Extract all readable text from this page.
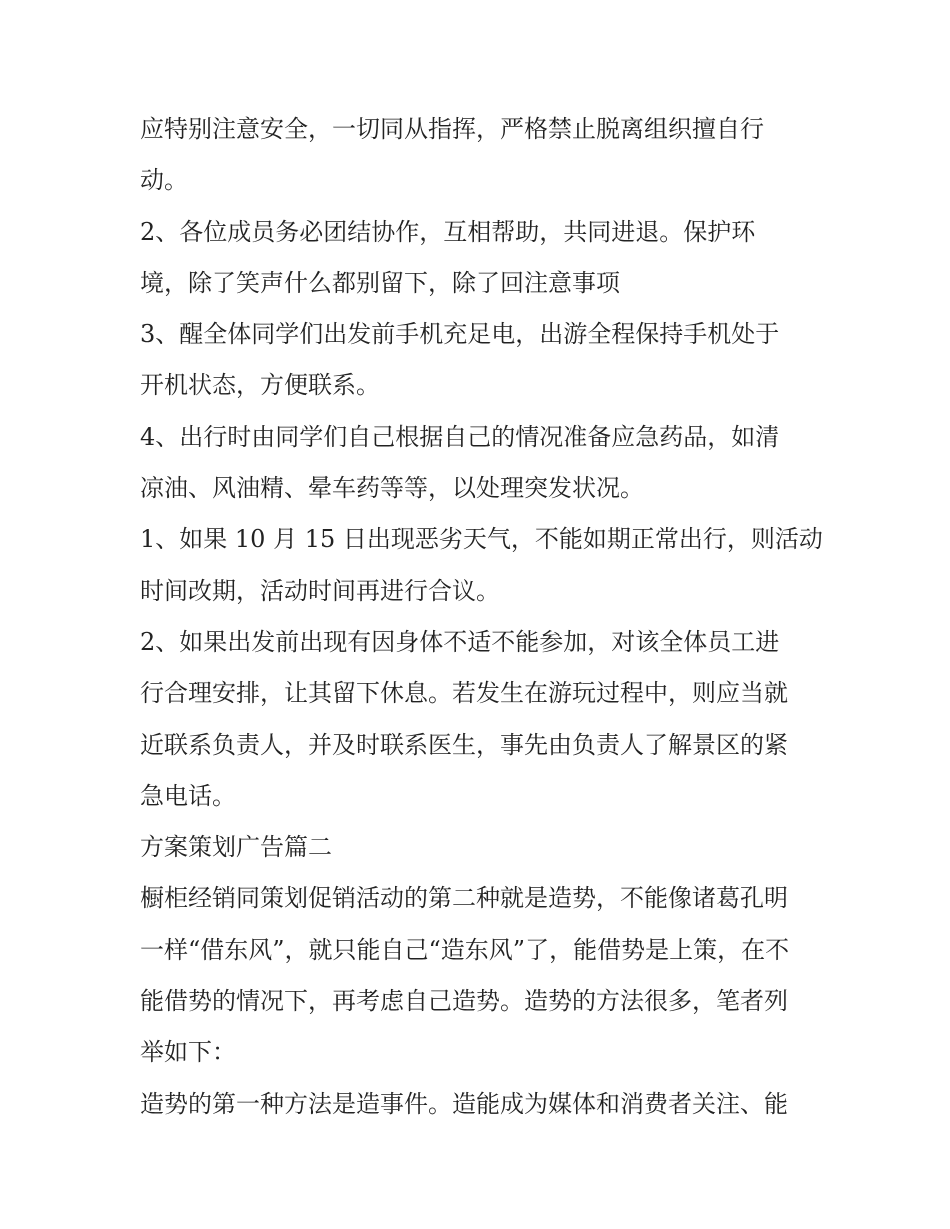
应特别注意安全，一切同从指挥，严格禁止脱离组织擅自行
动。
2、各位成员务必团结协作，互相帮助，共同进退。保护环
境，除了笑声什么都别留下，除了回注意事项
3、醒全体同学们出发前手机充足电，出游全程保持手机处于
开机状态，方便联系。
4、出行时由同学们自己根据自己的情况准备应急药品，如清
凉油、风油精、晕车药等等，以处理突发状况。
1、如果 10 月 15 日出现恶劣天气，不能如期正常出行，则活动
时间改期，活动时间再进行合议。
2、如果出发前出现有因身体不适不能参加，对该全体员工进
行合理安排，让其留下休息。若发生在游玩过程中，则应当就
近联系负责人，并及时联系医生，事先由负责人了解景区的紧
急电话。
方案策划广告篇二
橱柜经销同策划促销活动的第二种就是造势，不能像诸葛孔明
一样“借东风”，就只能自己“造东风”了，能借势是上策，在不
能借势的情况下，再考虑自己造势。造势的方法很多，笔者列
举如下：
造势的第一种方法是造事件。造能成为媒体和消费者关注、能
